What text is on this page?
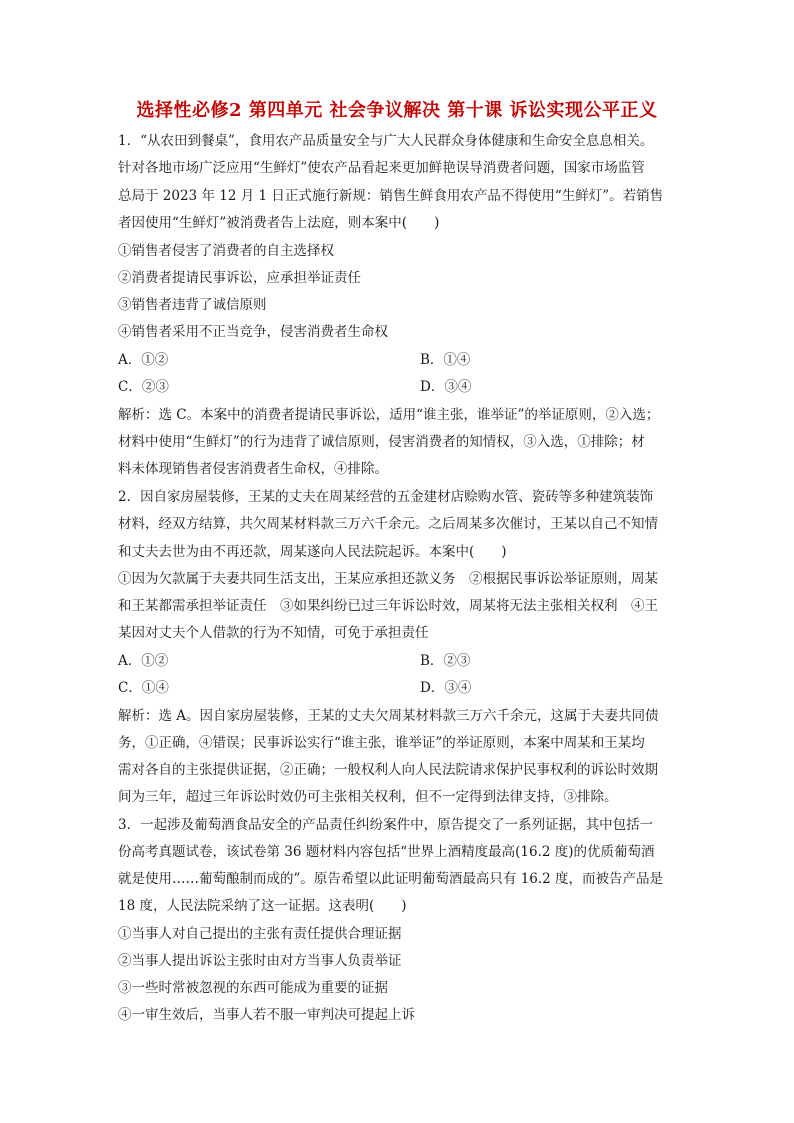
选择性必修2 第四单元 社会争议解决 第十课 诉讼实现公平正义
1．“从农田到餐桌”，食用农产品质量安全与广大人民群众身体健康和生命安全息息相关。
针对各地市场广泛应用“生鲜灯”使农产品看起来更加鲜艳误导消费者问题，国家市场监管
总局于 2023 年 12 月 1 日正式施行新规：销售生鲜食用农产品不得使用“生鲜灯”。若销售
者因使用“生鲜灯”被消费者告上法庭，则本案中(　　)
①销售者侵害了消费者的自主选择权
②消费者提请民事诉讼，应承担举证责任
③销售者违背了诚信原则
④销售者采用不正当竞争，侵害消费者生命权
A．①②	B．①④
C．②③	D．③④
解析：选 C。本案中的消费者提请民事诉讼，适用“谁主张，谁举证”的举证原则，②入选；
材料中使用“生鲜灯”的行为违背了诚信原则，侵害消费者的知情权，③入选，①排除；材
料未体现销售者侵害消费者生命权，④排除。
2．因自家房屋装修，王某的丈夫在周某经营的五金建材店赊购水管、瓷砖等多种建筑装饰
材料，经双方结算，共欠周某材料款三万六千余元。之后周某多次催讨，王某以自己不知情
和丈夫去世为由不再还款，周某遂向人民法院起诉。本案中(　　)
①因为欠款属于夫妻共同生活支出，王某应承担还款义务　②根据民事诉讼举证原则，周某
和王某都需承担举证责任　③如果纠纷已过三年诉讼时效，周某将无法主张相关权利　④王
某因对丈夫个人借款的行为不知情，可免于承担责任
A．①②	B．②③
C．①④	D．③④
解析：选 A。因自家房屋装修，王某的丈夫欠周某材料款三万六千余元，这属于夫妻共同债
务，①正确，④错误；民事诉讼实行“谁主张，谁举证”的举证原则，本案中周某和王某均
需对各自的主张提供证据，②正确；一般权利人向人民法院请求保护民事权利的诉讼时效期
间为三年，超过三年诉讼时效仍可主张相关权利，但不一定得到法律支持，③排除。
3．一起涉及葡萄酒食品安全的产品责任纠纷案件中，原告提交了一系列证据，其中包括一
份高考真题试卷，该试卷第 36 题材料内容包括“世界上酒精度最高(16.2 度)的优质葡萄酒
就是使用……葡萄酿制而成的”。原告希望以此证明葡萄酒最高只有 16.2 度，而被告产品是
18 度，人民法院采纳了这一证据。这表明(　　)
①当事人对自己提出的主张有责任提供合理证据
②当事人提出诉讼主张时由对方当事人负责举证
③一些时常被忽视的东西可能成为重要的证据
④一审生效后，当事人若不服一审判决可提起上诉
